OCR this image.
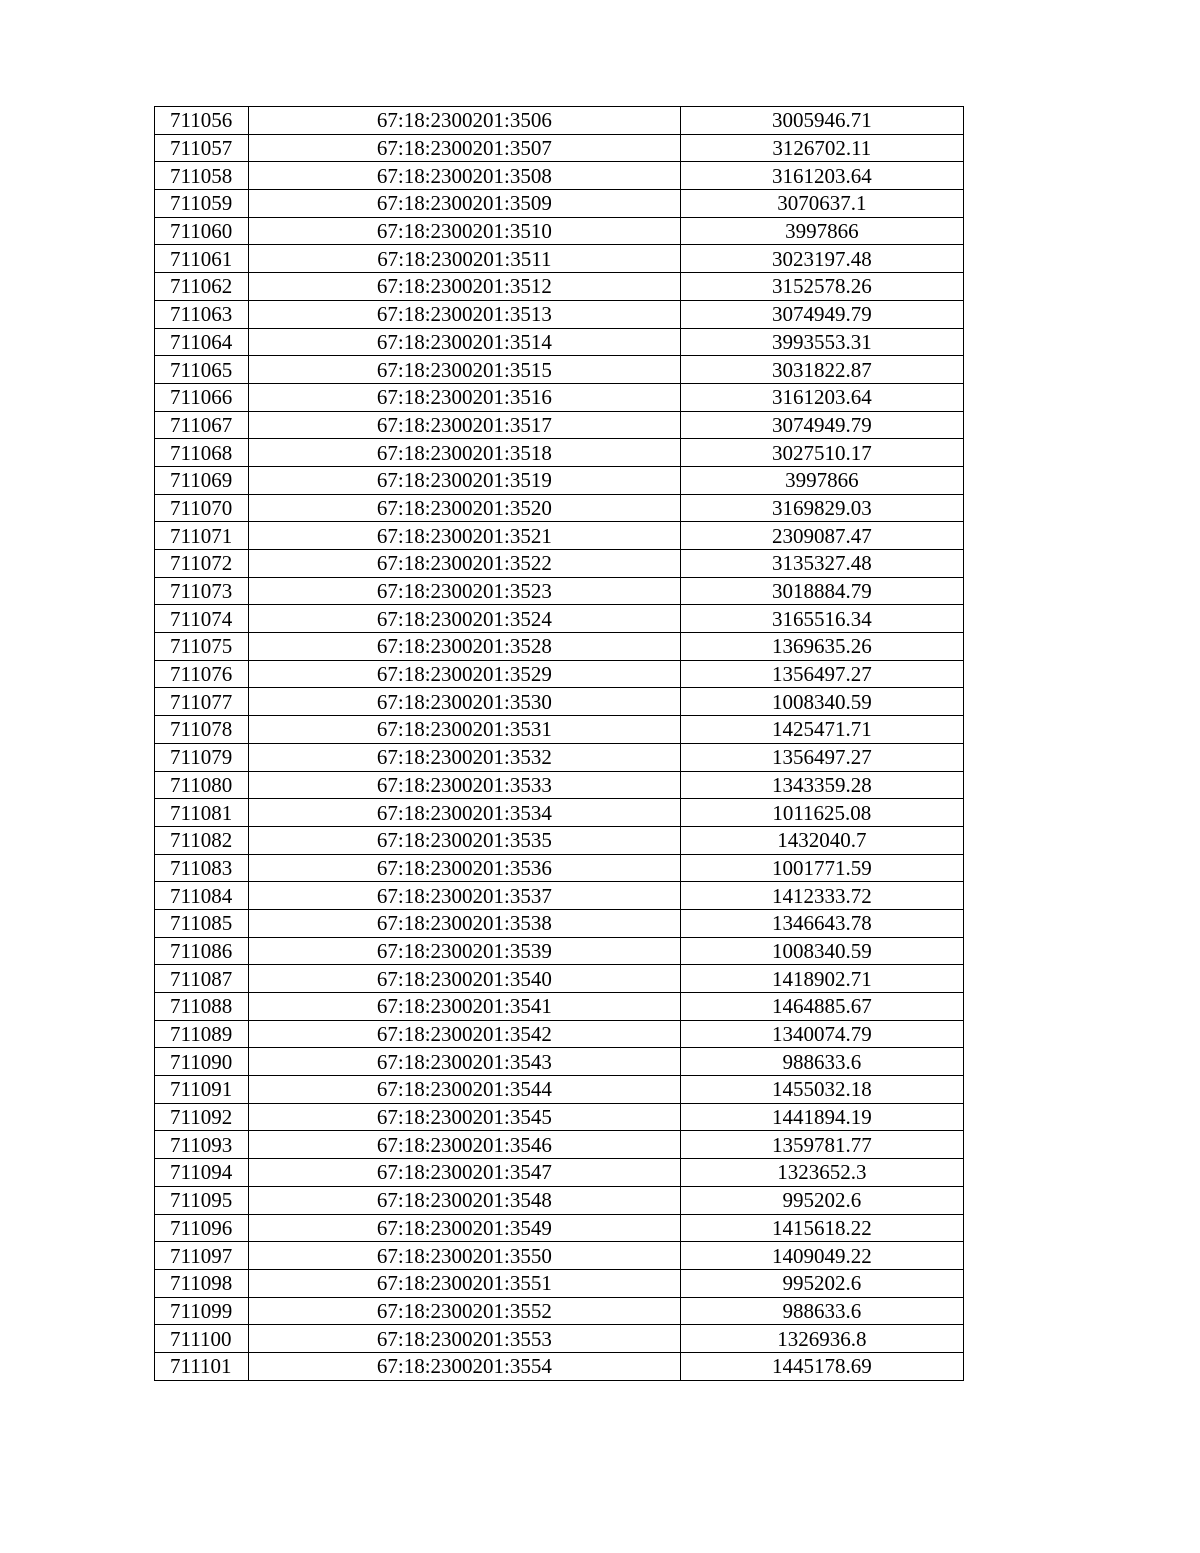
711056	67:18:2300201:3506	3005946.71
711057	67:18:2300201:3507	3126702.11
711058	67:18:2300201:3508	3161203.64
711059	67:18:2300201:3509	3070637.1
711060	67:18:2300201:3510	3997866
711061	67:18:2300201:3511	3023197.48
711062	67:18:2300201:3512	3152578.26
711063	67:18:2300201:3513	3074949.79
711064	67:18:2300201:3514	3993553.31
711065	67:18:2300201:3515	3031822.87
711066	67:18:2300201:3516	3161203.64
711067	67:18:2300201:3517	3074949.79
711068	67:18:2300201:3518	3027510.17
711069	67:18:2300201:3519	3997866
711070	67:18:2300201:3520	3169829.03
711071	67:18:2300201:3521	2309087.47
711072	67:18:2300201:3522	3135327.48
711073	67:18:2300201:3523	3018884.79
711074	67:18:2300201:3524	3165516.34
711075	67:18:2300201:3528	1369635.26
711076	67:18:2300201:3529	1356497.27
711077	67:18:2300201:3530	1008340.59
711078	67:18:2300201:3531	1425471.71
711079	67:18:2300201:3532	1356497.27
711080	67:18:2300201:3533	1343359.28
711081	67:18:2300201:3534	1011625.08
711082	67:18:2300201:3535	1432040.7
711083	67:18:2300201:3536	1001771.59
711084	67:18:2300201:3537	1412333.72
711085	67:18:2300201:3538	1346643.78
711086	67:18:2300201:3539	1008340.59
711087	67:18:2300201:3540	1418902.71
711088	67:18:2300201:3541	1464885.67
711089	67:18:2300201:3542	1340074.79
711090	67:18:2300201:3543	988633.6
711091	67:18:2300201:3544	1455032.18
711092	67:18:2300201:3545	1441894.19
711093	67:18:2300201:3546	1359781.77
711094	67:18:2300201:3547	1323652.3
711095	67:18:2300201:3548	995202.6
711096	67:18:2300201:3549	1415618.22
711097	67:18:2300201:3550	1409049.22
711098	67:18:2300201:3551	995202.6
711099	67:18:2300201:3552	988633.6
711100	67:18:2300201:3553	1326936.8
711101	67:18:2300201:3554	1445178.69
